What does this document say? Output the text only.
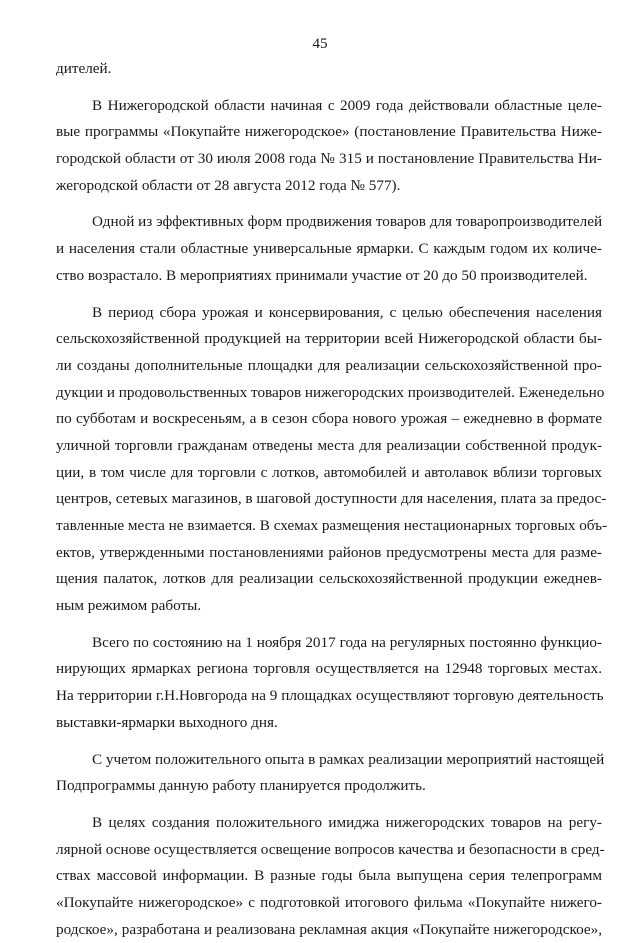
45
дителей.
В Нижегородской области начиная с 2009 года действовали областные целе-
вые программы «Покупайте нижегородское» (постановление Правительства Ниже-
городской области от 30 июля 2008 года № 315 и постановление Правительства Ни-
жегородской области от 28 августа 2012 года № 577).
Одной из эффективных форм продвижения товаров для товаропроизводителей
и населения стали областные универсальные ярмарки. С каждым годом их количе-
ство возрастало. В мероприятиях принимали участие от 20 до 50 производителей.
В период сбора урожая и консервирования, с целью обеспечения населения
сельскохозяйственной продукцией на территории всей Нижегородской области бы-
ли созданы дополнительные площадки для реализации сельскохозяйственной про-
дукции и продовольственных товаров нижегородских производителей. Еженедельно
по субботам и воскресеньям, а в сезон сбора нового урожая – ежедневно в формате
уличной торговли гражданам отведены места для реализации собственной продук-
ции, в том числе для торговли с лотков, автомобилей и автолавок вблизи торговых
центров, сетевых магазинов, в шаговой доступности для населения, плата за предос-
тавленные места не взимается. В схемах размещения нестационарных торговых объ-
ектов, утвержденными постановлениями районов предусмотрены места для разме-
щения палаток, лотков для реализации сельскохозяйственной продукции ежеднев-
ным режимом работы.
Всего по состоянию на 1 ноября 2017 года на регулярных постоянно функцио-
нирующих ярмарках региона торговля осуществляется на 12948 торговых местах.
На территории г.Н.Новгорода на 9 площадках осуществляют торговую деятельность
выставки-ярмарки выходного дня.
С учетом положительного опыта в рамках реализации мероприятий настоящей
Подпрограммы данную работу планируется продолжить.
В целях создания положительного имиджа нижегородских товаров на регу-
лярной основе осуществляется освещение вопросов качества и безопасности в сред-
ствах массовой информации. В разные годы была выпущена серия телепрограмм
«Покупайте нижегородское» с подготовкой итогового фильма «Покупайте нижего-
родское», разработана и реализована рекламная акция «Покупайте нижегородское»,
